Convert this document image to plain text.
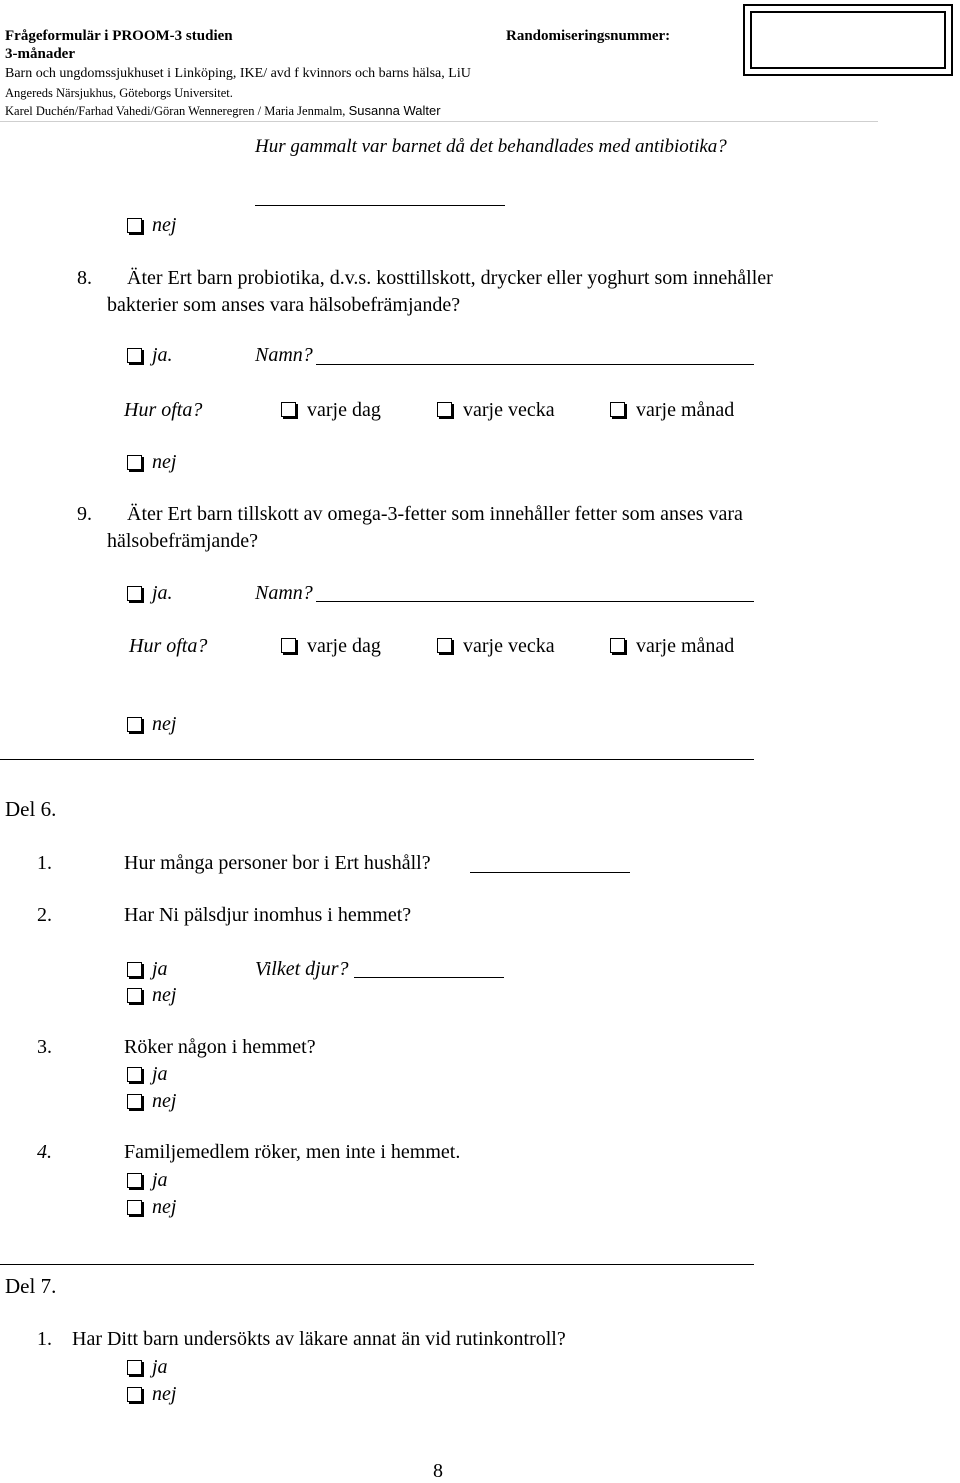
Frågeformulär i PROOM-3 studien	Randomiseringsnummer:
3-månader
Barn och ungdomssjukhuset i Linköping, IKE/ avd f kvinnors och barns hälsa, LiU
Angereds Närsjukhus, Göteborgs Universitet.
Karel Duchén/Farhad Vahedi/Göran Wenneregren / Maria Jenmalm, Susanna Walter
Hur gammalt var barnet då det behandlades med antibiotika?
nej
8. Äter Ert barn probiotika, d.v.s. kosttillskott, drycker eller yoghurt som innehåller
bakterier som anses vara hälsobefrämjande?
ja.	Namn?
Hur ofta?	varje dag	varje vecka	varje månad
nej
9. Äter Ert barn tillskott av omega-3-fetter som innehåller fetter som anses vara
hälsobefrämjande?
ja.	Namn?
Hur ofta?	varje dag	varje vecka	varje månad
nej
Del 6.
1.	Hur många personer bor i Ert hushåll?
2.	Har Ni pälsdjur inomhus i hemmet?
ja	Vilket djur?
nej
3.	Röker någon i hemmet?
ja
nej
4.	Familjemedlem röker, men inte i hemmet.
ja
nej
Del 7.
1. Har Ditt barn undersökts av läkare annat än vid rutinkontroll?
ja
nej
8
